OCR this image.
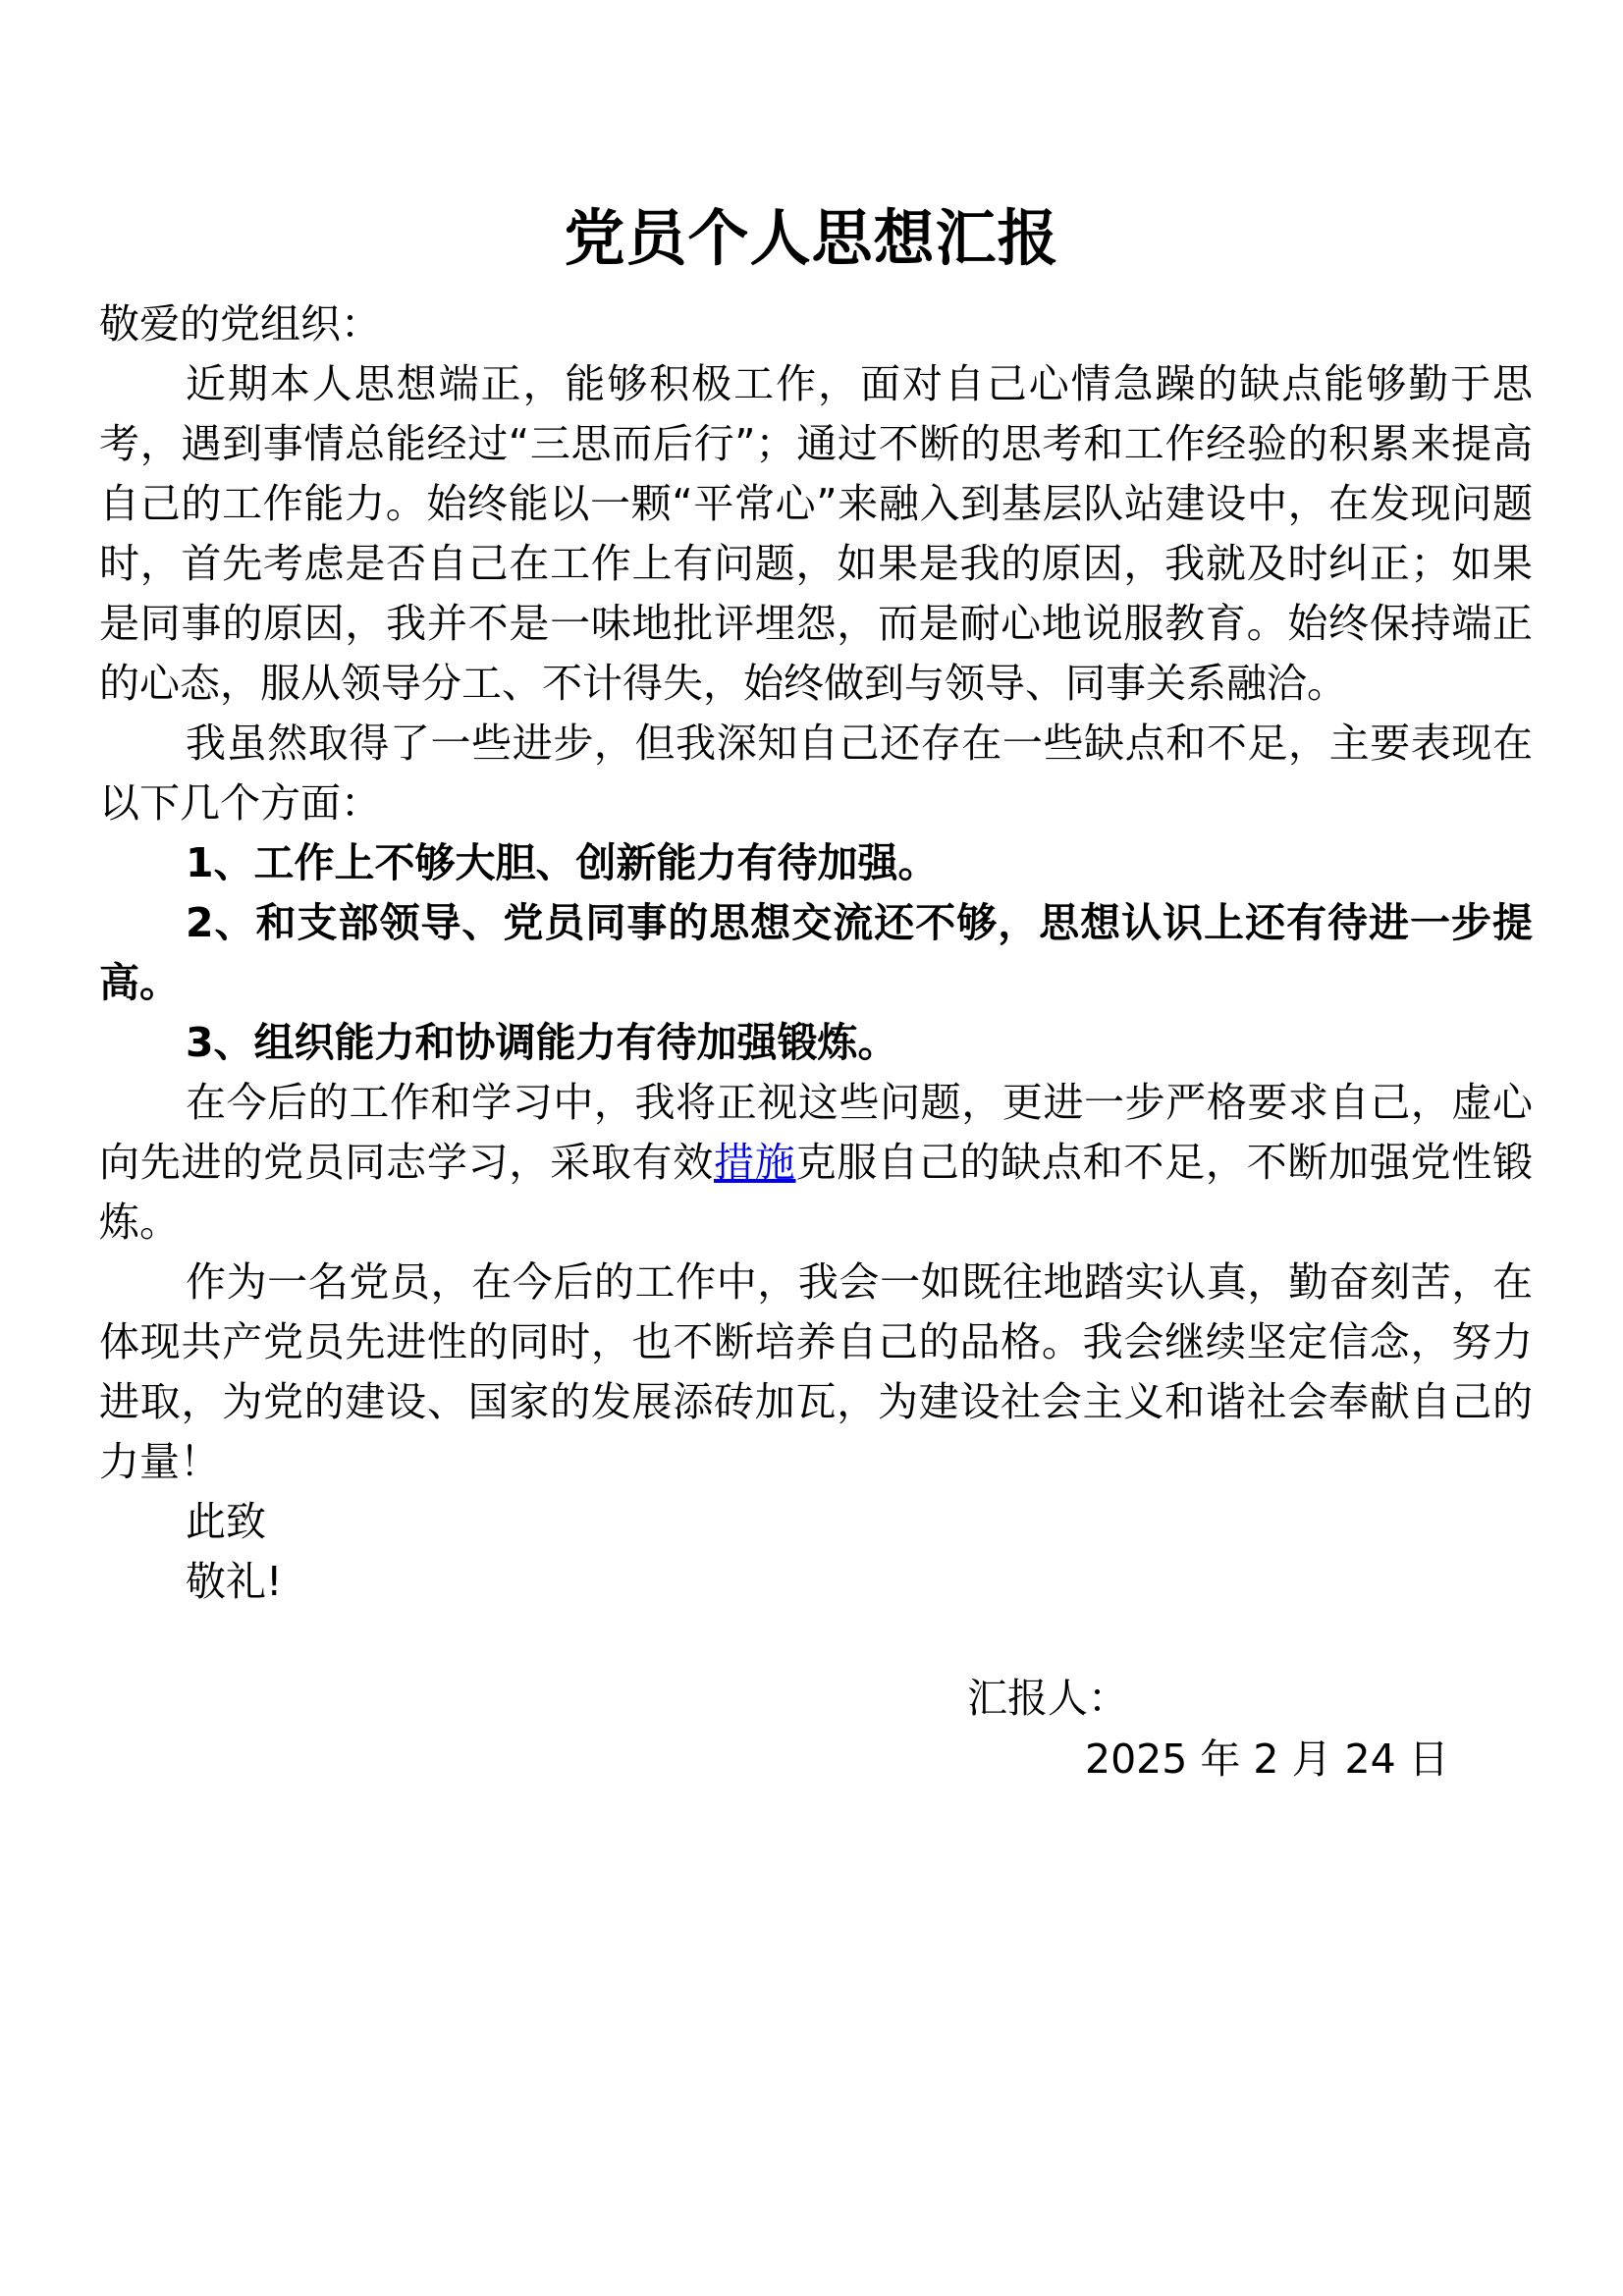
党员个人思想汇报

敬爱的党组织：

近期本人思想端正，能够积极工作，面对自己心情急躁的缺点能够勤于思考，遇到事情总能经过“三思而后行”；通过不断的思考和工作经验的积累来提高自己的工作能力。始终能以一颗“平常心”来融入到基层队站建设中，在发现问题时，首先考虑是否自己在工作上有问题，如果是我的原因，我就及时纠正；如果是同事的原因，我并不是一味地批评埋怨，而是耐心地说服教育。始终保持端正的心态，服从领导分工、不计得失，始终做到与领导、同事关系融洽。

我虽然取得了一些进步，但我深知自己还存在一些缺点和不足，主要表现在以下几个方面：

1、工作上不够大胆、创新能力有待加强。

2、和支部领导、党员同事的思想交流还不够，思想认识上还有待进一步提高。

3、组织能力和协调能力有待加强锻炼。

在今后的工作和学习中，我将正视这些问题，更进一步严格要求自己，虚心向先进的党员同志学习，采取有效措施克服自己的缺点和不足，不断加强党性锻炼。

作为一名党员，在今后的工作中，我会一如既往地踏实认真，勤奋刻苦，在体现共产党员先进性的同时，也不断培养自己的品格。我会继续坚定信念，努力进取，为党的建设、国家的发展添砖加瓦，为建设社会主义和谐社会奉献自己的力量！

此致

敬礼!

汇报人：
2025 年 2 月 24 日
